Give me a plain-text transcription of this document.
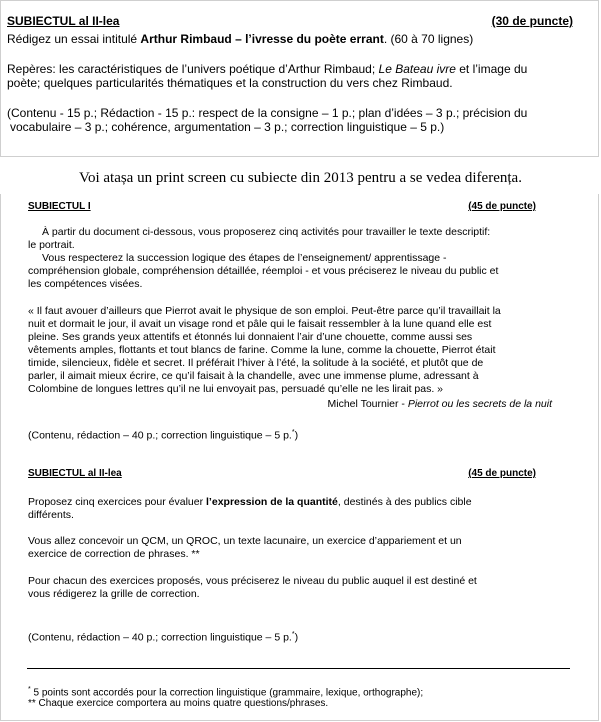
SUBIECTUL al II-lea	(30 de puncte)

Rédigez un essai intitulé Arthur Rimbaud – l’ivresse du poète errant. (60 à 70 lignes)

Repères: les caractéristiques de l’univers poétique d’Arthur Rimbaud; Le Bateau ivre et l’image du
poète; quelques particularités thématiques et la construction du vers chez Rimbaud.

(Contenu - 15 p.; Rédaction - 15 p.: respect de la consigne – 1 p.; plan d’idées – 3 p.; précision du
vocabulaire – 3 p.; cohérence, argumentation – 3 p.; correction linguistique – 5 p.)

Voi atașa un print screen cu subiecte din 2013 pentru a se vedea diferența.
SUBIECTUL I	(45 de puncte)

À partir du document ci-dessous, vous proposerez cinq activités pour travailler le texte descriptif:

le portrait.

Vous respecterez la succession logique des étapes de l’enseignement/ apprentissage -

compréhension globale, compréhension détaillée, réemploi - et vous préciserez le niveau du public et

les compétences visées.

« Il faut avouer d’ailleurs que Pierrot avait le physique de son emploi. Peut-être parce qu’il travaillait la

nuit et dormait le jour, il avait un visage rond et pâle qui le faisait ressembler à la lune quand elle est

pleine. Ses grands yeux attentifs et étonnés lui donnaient l’air d’une chouette, comme aussi ses

vêtements amples, flottants et tout blancs de farine. Comme la lune, comme la chouette, Pierrot était

timide, silencieux, fidèle et secret. Il préférait l’hiver à l’été, la solitude à la société, et plutôt que de

parler, il aimait mieux écrire, ce qu’il faisait à la chandelle, avec une immense plume, adressant à

Colombine de longues lettres qu’il ne lui envoyait pas, persuadé qu’elle ne les lirait pas. »

Michel Tournier - Pierrot ou les secrets de la nuit

(Contenu, rédaction – 40 p.; correction linguistique – 5 p.*)

SUBIECTUL al II-lea	(45 de puncte)

Proposez cinq exercices pour évaluer l’expression de la quantité, destinés à des publics cible

différents.

Vous allez concevoir un QCM, un QROC, un texte lacunaire, un exercice d’appariement et un

exercice de correction de phrases. **

Pour chacun des exercices proposés, vous préciserez le niveau du public auquel il est destiné et

vous rédigerez la grille de correction.

(Contenu, rédaction – 40 p.; correction linguistique – 5 p.*)

* 5 points sont accordés pour la correction linguistique (grammaire, lexique, orthographe);

** Chaque exercice comportera au moins quatre questions/phrases.
